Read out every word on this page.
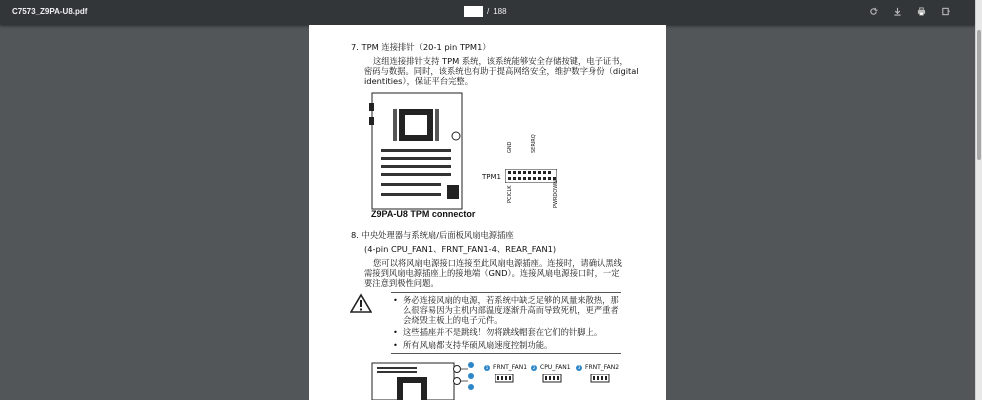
C7573_Z9PA-U8.pdf	/ 188
7. TPM 连接排针（20-1 pin TPM1）
这组连接排针支持 TPM 系统，该系统能够安全存储按键，电子证书，
密码与数据。同时，该系统也有助于提高网络安全，维护数字身份（digital
identities），保证平台完整。
TPM1
GND	SERIRQ
PCICLK	PWRDOWN
Z9PA-U8 TPM connector
8. 中央处理器与系统扇/后面板风扇电源插座
(4-pin CPU_FAN1、FRNT_FAN1-4、REAR_FAN1)
您可以将风扇电源接口连接至此风扇电源插座。连接时，请确认黑线
需接到风扇电源插座上的接地端（GND）。连接风扇电源接口时，一定
要注意到极性问题。
• 务必连接风扇的电源，若系统中缺乏足够的风量来散热，那
么很容易因为主机内部温度逐渐升高而导致死机，更严重者
会烧毁主板上的电子元件。
• 这些插座并不是跳线！勿将跳线帽套在它们的针脚上。
• 所有风扇都支持华硕风扇速度控制功能。
1 FRNT_FAN1	2 CPU_FAN1	3 FRNT_FAN2
